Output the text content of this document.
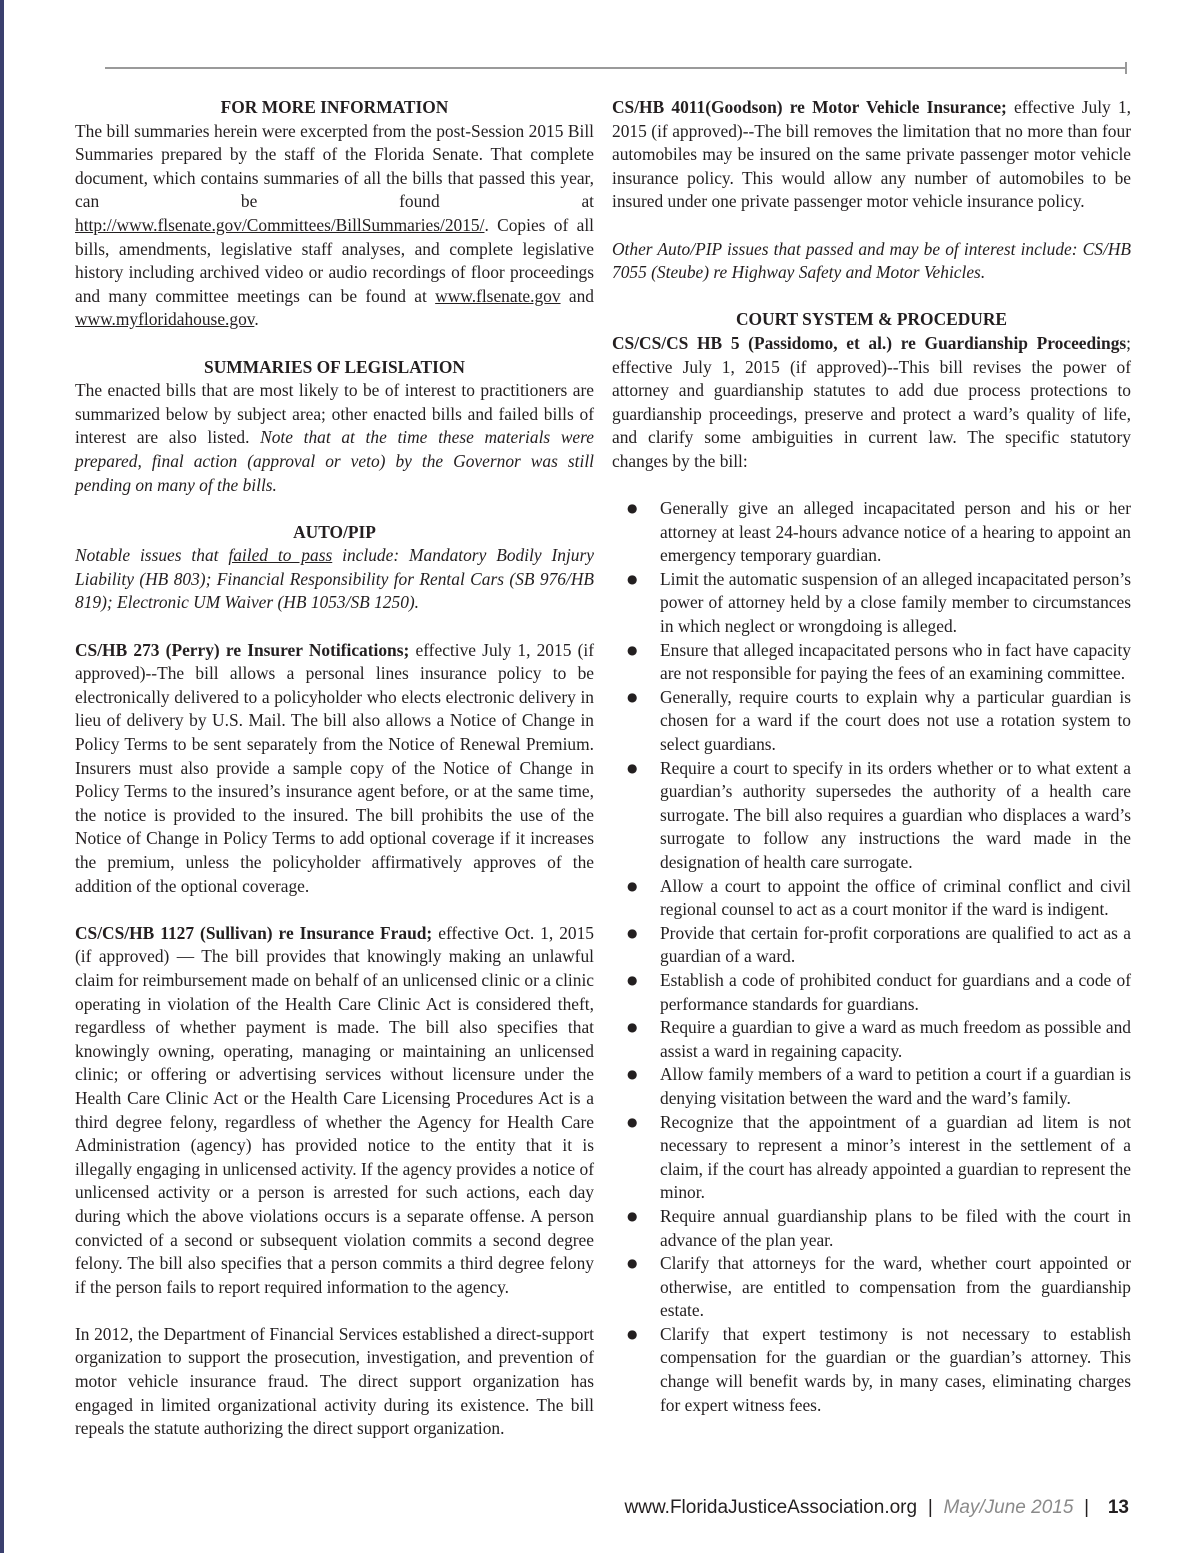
FOR MORE INFORMATION

The bill summaries herein were excerpted from the post-Session 2015 Bill Summaries prepared by the staff of the Florida Senate. That complete document, which contains summaries of all the bills that passed this year, can be found at http://www.flsenate.gov/Committees/BillSummaries/2015/. Copies of all bills, amendments, legislative staff analyses, and complete legislative history including archived video or audio recordings of floor proceedings and many committee meetings can be found at www.flsenate.gov and www.myfloridahouse.gov.

SUMMARIES OF LEGISLATION

The enacted bills that are most likely to be of interest to practitioners are summarized below by subject area; other enacted bills and failed bills of interest are also listed. Note that at the time these materials were prepared, final action (approval or veto) by the Governor was still pending on many of the bills.

AUTO/PIP

Notable issues that failed to pass include: Mandatory Bodily Injury Liability (HB 803); Financial Responsibility for Rental Cars (SB 976/HB 819); Electronic UM Waiver (HB 1053/SB 1250).

CS/HB 273 (Perry) re Insurer Notifications; effective July 1, 2015 (if approved)--The bill allows a personal lines insurance policy to be electronically delivered to a policyholder who elects electronic delivery in lieu of delivery by U.S. Mail. The bill also allows a Notice of Change in Policy Terms to be sent separately from the Notice of Renewal Premium. Insurers must also provide a sample copy of the Notice of Change in Policy Terms to the insured’s insurance agent before, or at the same time, the notice is provided to the insured. The bill prohibits the use of the Notice of Change in Policy Terms to add optional coverage if it increases the premium, unless the policyholder affirmatively approves of the addition of the optional coverage.

CS/CS/HB 1127 (Sullivan) re Insurance Fraud; effective Oct. 1, 2015 (if approved) — The bill provides that knowingly making an unlawful claim for reimbursement made on behalf of an unlicensed clinic or a clinic operating in violation of the Health Care Clinic Act is considered theft, regardless of whether payment is made. The bill also specifies that knowingly owning, operating, managing or maintaining an unlicensed clinic; or offering or advertising services without licensure under the Health Care Clinic Act or the Health Care Licensing Procedures Act is a third degree felony, regardless of whether the Agency for Health Care Administration (agency) has provided notice to the entity that it is illegally engaging in unlicensed activity. If the agency provides a notice of unlicensed activity or a person is arrested for such actions, each day during which the above violations occurs is a separate offense. A person convicted of a second or subsequent violation commits a second degree felony. The bill also specifies that a person commits a third degree felony if the person fails to report required information to the agency.

In 2012, the Department of Financial Services established a direct-support organization to support the prosecution, investigation, and prevention of motor vehicle insurance fraud. The direct support organization has engaged in limited organizational activity during its existence. The bill repeals the statute authorizing the direct support organization.

CS/HB 4011(Goodson) re Motor Vehicle Insurance; effective July 1, 2015 (if approved)--The bill removes the limitation that no more than four automobiles may be insured on the same private passenger motor vehicle insurance policy. This would allow any number of automobiles to be insured under one private passenger motor vehicle insurance policy.

Other Auto/PIP issues that passed and may be of interest include: CS/HB 7055 (Steube) re Highway Safety and Motor Vehicles.

COURT SYSTEM & PROCEDURE

CS/CS/CS HB 5 (Passidomo, et al.) re Guardianship Proceedings; effective July 1, 2015 (if approved)--This bill revises the power of attorney and guardianship statutes to add due process protections to guardianship proceedings, preserve and protect a ward’s quality of life, and clarify some ambiguities in current law. The specific statutory changes by the bill:

● Generally give an alleged incapacitated person and his or her attorney at least 24-hours advance notice of a hearing to appoint an emergency temporary guardian.
● Limit the automatic suspension of an alleged incapacitated person’s power of attorney held by a close family member to circumstances in which neglect or wrongdoing is alleged.
● Ensure that alleged incapacitated persons who in fact have capacity are not responsible for paying the fees of an examining committee.
● Generally, require courts to explain why a particular guardian is chosen for a ward if the court does not use a rotation system to select guardians.
● Require a court to specify in its orders whether or to what extent a guardian’s authority supersedes the authority of a health care surrogate. The bill also requires a guardian who displaces a ward’s surrogate to follow any instructions the ward made in the designation of health care surrogate.
● Allow a court to appoint the office of criminal conflict and civil regional counsel to act as a court monitor if the ward is indigent.
● Provide that certain for-profit corporations are qualified to act as a guardian of a ward.
● Establish a code of prohibited conduct for guardians and a code of performance standards for guardians.
● Require a guardian to give a ward as much freedom as possible and assist a ward in regaining capacity.
● Allow family members of a ward to petition a court if a guardian is denying visitation between the ward and the ward’s family.
● Recognize that the appointment of a guardian ad litem is not necessary to represent a minor’s interest in the settlement of a claim, if the court has already appointed a guardian to represent the minor.
● Require annual guardianship plans to be filed with the court in advance of the plan year.
● Clarify that attorneys for the ward, whether court appointed or otherwise, are entitled to compensation from the guardianship estate.
● Clarify that expert testimony is not necessary to establish compensation for the guardian or the guardian’s attorney. This change will benefit wards by, in many cases, eliminating charges for expert witness fees.
www.FloridaJusticeAssociation.org | May/June 2015 | 13
